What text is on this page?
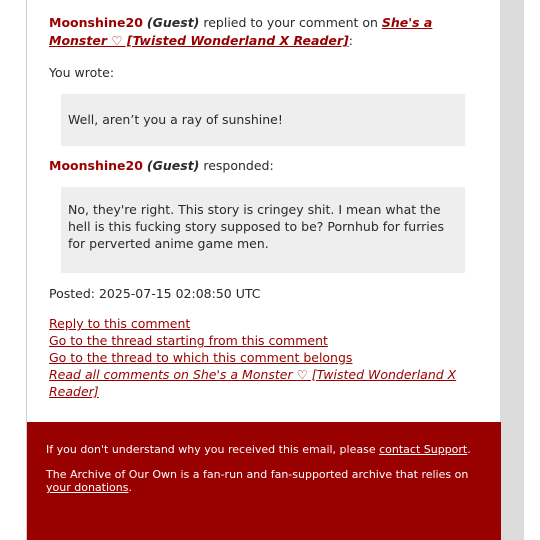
Moonshine20 (Guest) replied to your comment on She's a Monster ♡ [Twisted Wonderland X Reader]:
You wrote:
Well, aren’t you a ray of sunshine!
Moonshine20 (Guest) responded:
No, they're right. This story is cringey shit. I mean what the hell is this fucking story supposed to be? Pornhub for furries for perverted anime game men.
Posted: 2025-07-15 02:08:50 UTC
Reply to this comment
Go to the thread starting from this comment
Go to the thread to which this comment belongs
Read all comments on She's a Monster ♡ [Twisted Wonderland X Reader]

If you don't understand why you received this email, please contact Support.

The Archive of Our Own is a fan-run and fan-supported archive that relies on your donations.
